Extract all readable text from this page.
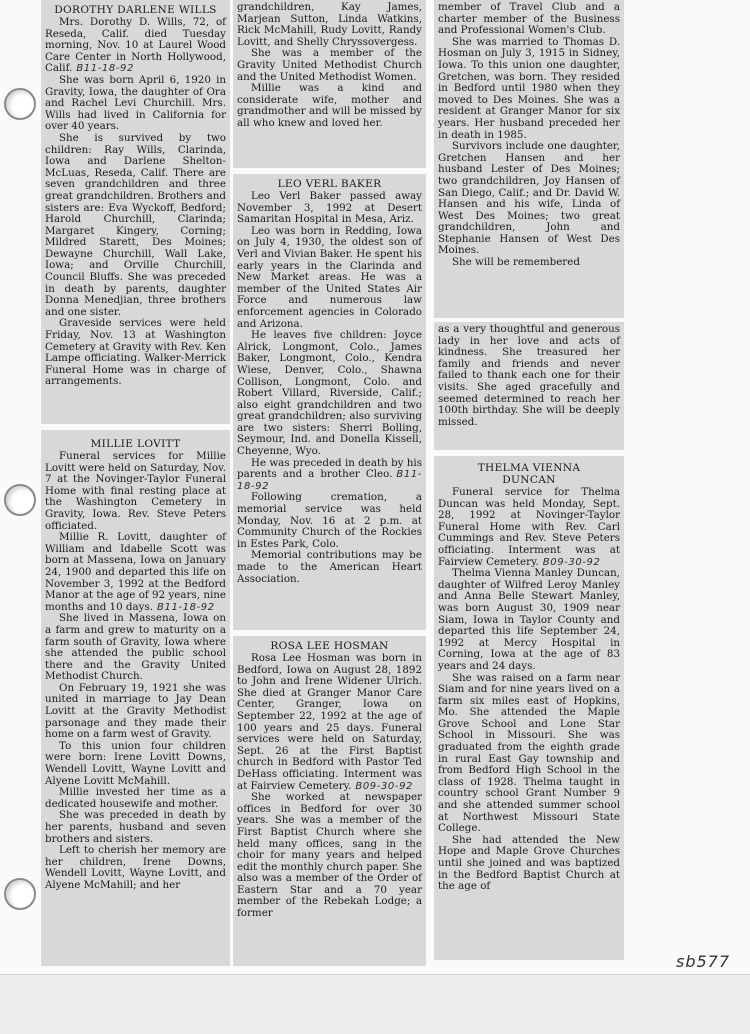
DOROTHY DARLENE WILLS

Mrs. Dorothy D. Wills, 72, of Reseda, Calif. died Tuesday morning, Nov. 10 at Laurel Wood Care Center in North Hollywood, Calif. B11-18-92

She was born April 6, 1920 in Gravity, Iowa, the daughter of Ora and Rachel Levi Churchill. Mrs. Wills had lived in California for over 40 years.

She is survived by two children: Ray Wills, Clarinda, Iowa and Darlene Shelton-McLuas, Reseda, Calif. There are seven grandchildren and three great grandchildren. Brothers and sisters are: Eva Wyckoff, Bedford; Harold Churchill, Clarinda; Margaret Kingery, Corning; Mildred Starett, Des Moines; Dewayne Churchill, Wall Lake, Iowa; and Orville Churchill, Council Bluffs. She was preceded in death by parents, daughter Donna Menedjian, three brothers and one sister.

Graveside services were held Friday, Nov. 13 at Washington Cemetery at Gravity with Rev. Ken Lampe officiating. Walker-Merrick Funeral Home was in charge of arrangements.

MILLIE LOVITT

Funeral services for Millie Lovitt were held on Saturday, Nov. 7 at the Novinger-Taylor Funeral Home with final resting place at the Washington Cemetery in Gravity, Iowa. Rev. Steve Peters officiated.

Millie R. Lovitt, daughter of William and Idabelle Scott was born at Massena, Iowa on January 24, 1900 and departed this life on November 3, 1992 at the Bedford Manor at the age of 92 years, nine months and 10 days. B11-18-92

She lived in Massena, Iowa on a farm and grew to maturity on a farm south of Gravity, Iowa where she attended the public school there and the Gravity United Methodist Church.

On February 19, 1921 she was united in marriage to Jay Dean Lovitt at the Gravity Methodist parsonage and they made their home on a farm west of Gravity.

To this union four children were born: Irene Lovitt Downs, Wendell Lovitt, Wayne Lovitt and Alyene Lovitt McMahill.

Millie invested her time as a dedicated housewife and mother.

She was preceded in death by her parents, husband and seven brothers and sisters.

Left to cherish her memory are her children, Irene Downs, Wendell Lovitt, Wayne Lovitt, and Alyene McMahill; and her

grandchildren, Kay James, Marjean Sutton, Linda Watkins, Rick McMahill, Rudy Lovitt, Randy Lovitt, and Shelly Chryssovergess.

She was a member of the Gravity United Methodist Church and the United Methodist Women.

Millie was a kind and considerate wife, mother and grandmother and will be missed by all who knew and loved her.

LEO VERL BAKER

Leo Verl Baker passed away November 3, 1992 at Desert Samaritan Hospital in Mesa, Ariz.

Leo was born in Redding, Iowa on July 4, 1930, the oldest son of Verl and Vivian Baker. He spent his early years in the Clarinda and New Market areas. He was a member of the United States Air Force and numerous law enforcement agencies in Colorado and Arizona.

He leaves five children: Joyce Alrick, Longmont, Colo., James Baker, Longmont, Colo., Kendra Wiese, Denver, Colo., Shawna Collison, Longmont, Colo. and Robert Villard, Riverside, Calif.; also eight grandchildren and two great grandchildren; also surviving are two sisters: Sherri Bolling, Seymour, Ind. and Donella Kissell, Cheyenne, Wyo.

He was preceded in death by his parents and a brother Cleo. B11-18-92

Following cremation, a memorial service was held Monday, Nov. 16 at 2 p.m. at Community Church of the Rockies in Estes Park, Colo.

Memorial contributions may be made to the American Heart Association.

ROSA LEE HOSMAN

Rosa Lee Hosman was born in Bedford, Iowa on August 28, 1892 to John and Irene Widener Ulrich. She died at Granger Manor Care Center, Granger, Iowa on September 22, 1992 at the age of 100 years and 25 days. Funeral services were held on Saturday, Sept. 26 at the First Baptist church in Bedford with Pastor Ted DeHass officiating. Interment was at Fairview Cemetery. B09-30-92

She worked at newspaper offices in Bedford for over 30 years. She was a member of the First Baptist Church where she held many offices, sang in the choir for many years and helped edit the monthly church paper. She also was a member of the Order of Eastern Star and a 70 year member of the Rebekah Lodge; a former

member of Travel Club and a charter member of the Business and Professional Women's Club.

She was married to Thomas D. Hosman on July 3, 1915 in Sidney, Iowa. To this union one daughter, Gretchen, was born. They resided in Bedford until 1980 when they moved to Des Moines. She was a resident at Granger Manor for six years. Her husband preceded her in death in 1985.

Survivors include one daughter, Gretchen Hansen and her husband Lester of Des Moines; two grandchildren, Joy Hansen of San Diego, Calif.; and Dr. David W. Hansen and his wife, Linda of West Des Moines; two great grandchildren, John and Stephanie Hansen of West Des Moines.

She will be remembered

as a very thoughtful and generous lady in her love and acts of kindness. She treasured her family and friends and never failed to thank each one for their visits. She aged gracefully and seemed determined to reach her 100th birthday. She will be deeply missed.

THELMA VIENNA
DUNCAN

Funeral service for Thelma Duncan was held Monday, Sept. 28, 1992 at Novinger-Taylor Funeral Home with Rev. Carl Cummings and Rev. Steve Peters officiating. Interment was at Fairview Cemetery. B09-30-92

Thelma Vienna Manley Duncan, daughter of Wilfred Leroy Manley and Anna Belle Stewart Manley, was born August 30, 1909 near Siam, Iowa in Taylor County and departed this life September 24, 1992 at Mercy Hospital in Corning, Iowa at the age of 83 years and 24 days.

She was raised on a farm near Siam and for nine years lived on a farm six miles east of Hopkins, Mo. She attended the Maple Grove School and Lone Star School in Missouri. She was graduated from the eighth grade in rural East Gay township and from Bedford High School in the class of 1928. Thelma taught in country school Grant Number 9 and she attended summer school at Northwest Missouri State College.

She had attended the New Hope and Maple Grove Churches until she joined and was baptized in the Bedford Baptist Church at the age of

sb577
